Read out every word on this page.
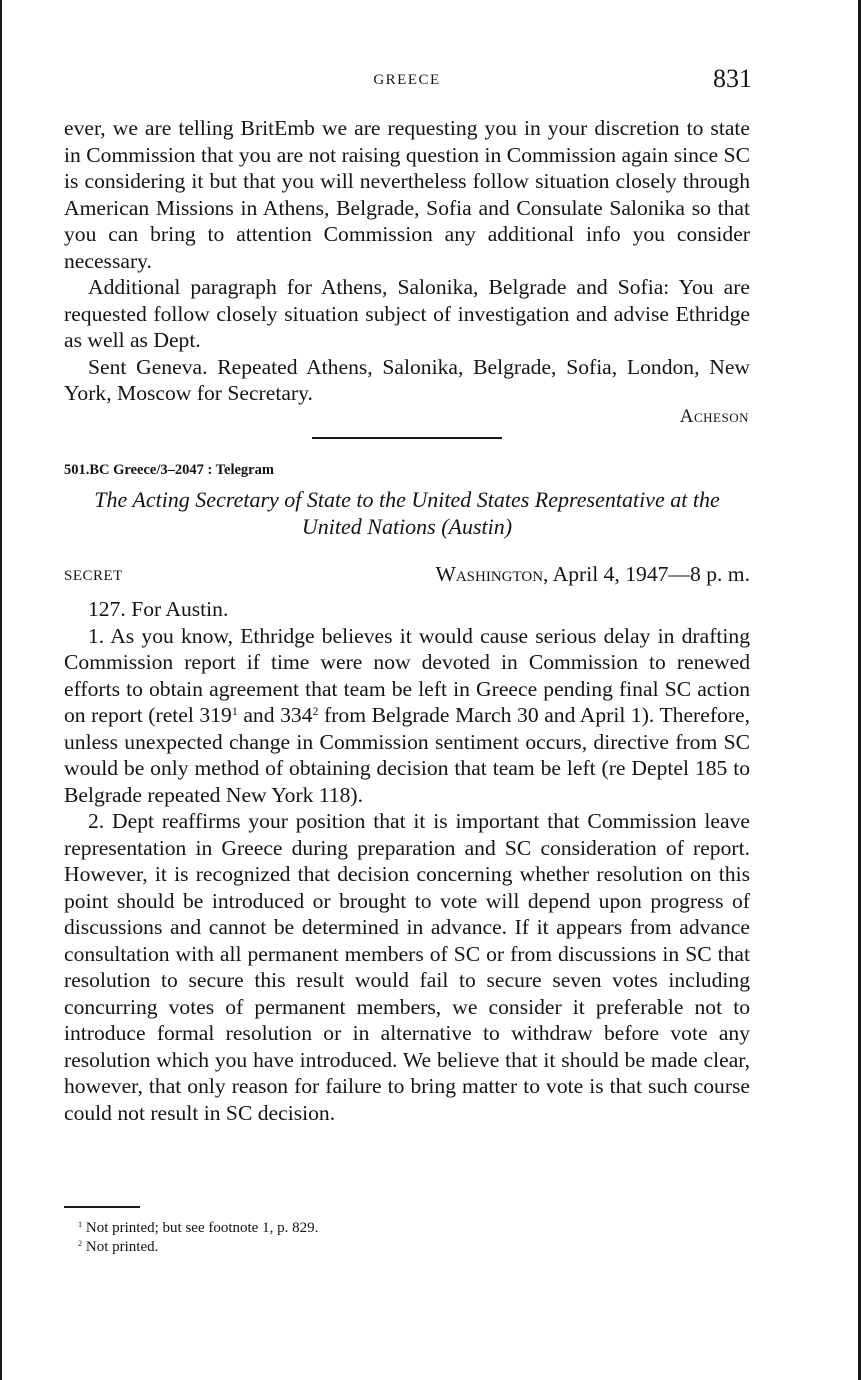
GREECE	831

ever, we are telling BritEmb we are requesting you in your discretion to state in Commission that you are not raising question in Commission again since SC is considering it but that you will nevertheless follow situation closely through American Missions in Athens, Belgrade, Sofia and Consulate Salonika so that you can bring to attention Commission any additional info you consider necessary.

Additional paragraph for Athens, Salonika, Belgrade and Sofia: You are requested follow closely situation subject of investigation and advise Ethridge as well as Dept.

Sent Geneva. Repeated Athens, Salonika, Belgrade, Sofia, London, New York, Moscow for Secretary.

Acheson
501.BC Greece/3–2047 : Telegram
The Acting Secretary of State to the United States Representative at the United Nations (Austin)
SECRET	Washington, April 4, 1947—8 p. m.

127. For Austin.

1. As you know, Ethridge believes it would cause serious delay in drafting Commission report if time were now devoted in Commission to renewed efforts to obtain agreement that team be left in Greece pending final SC action on report (retel $319^1$ and $334^2$ from Belgrade March 30 and April 1). Therefore, unless unexpected change in Commission sentiment occurs, directive from SC would be only method of obtaining decision that team be left (re Deptel 185 to Belgrade repeated New York 118).

2. Dept reaffirms your position that it is important that Commission leave representation in Greece during preparation and SC consideration of report. However, it is recognized that decision concerning whether resolution on this point should be introduced or brought to vote will depend upon progress of discussions and cannot be determined in advance. If it appears from advance consultation with all permanent members of SC or from discussions in SC that resolution to secure this result would fail to secure seven votes including concurring votes of permanent members, we consider it preferable not to introduce formal resolution or in alternative to withdraw before vote any resolution which you have introduced. We believe that it should be made clear, however, that only reason for failure to bring matter to vote is that such course could not result in SC decision.

$^1$ Not printed; but see footnote 1, p. 829.
$^2$ Not printed.
